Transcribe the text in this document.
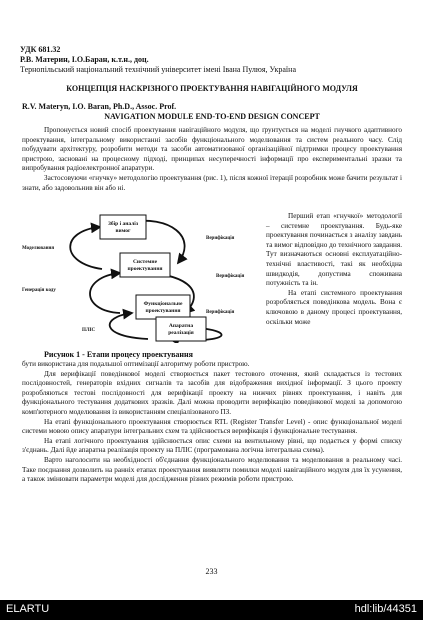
УДК 681.32
Р.В. Материн, І.О.Баран, к.т.н., доц.
Тернопільський національний технічний університет імені Івана Пулюя, Україна
КОНЦЕПЦІЯ НАСКРІЗНОГО ПРОЕКТУВАННЯ НАВІГАЦІЙНОГО МОДУЛЯ
R.V. Materyn, I.O. Baran, Ph.D., Assoc. Prof.
NAVIGATION MODULE END-TO-END DESIGN CONCEPT

Пропонується новий спосіб проектування навігаційного модуля, що ґрунтується на моделі гнучкого адаптивного проектування, інтегральному використанні засобів функціонального моделювання та систем реального часу. Слід побудувати архітектуру, розробити методи та засоби автоматизованої організаційної підтримки процесу проектування пристрою, засновані на процесному підході, принципах несуперечності інформації про експериментальні зразки та випробування радіоелектронної апаратури.

Застосовуючи «гнучку» методологію проектування (рис. 1), після кожної ітерації розробник може бачити результат і знати, або задовольнив він або ні.

Перший етап «гнучкої» методології – системне проектування. Будь-яке проектування починається з аналізу завдань та вимог відповідно до технічного завдання. Тут визначаються основні експлуатаційно-технічні властивості, такі як необхідна швидкодія, допустима споживана потужність та ін.

На етапі системного проектування розробляється поведінкова модель. Вона є ключовою в даному процесі проектування, оскільки може

Збір і аналіз
вимог
Системне
проектування
Функціональне
проектування
Апаратна
реалізація
Моделювання
Верифікація
Верифікація
Генерація коду
Верифікація
ПЛІС
Рисунок 1 - Етапи процесу проектування

бути використана для подальшої оптимізації алгоритму роботи пристрою.

Для верифікації поведінкової моделі створюється пакет тестового оточення, який складається із тестових послідовностей, генераторів вхідних сигналів та засобів для відображення вихідної інформації. З цього проекту розробляються тестові послідовності для верифікації проекту на нижчих рівнях проектування, і навіть для функціонального тестування додаткових зразків. Далі можна проводити верифікацію поведінкової моделі за допомогою комп'ютерного моделювання із використанням спеціалізованого ПЗ.

На етапі функціонального проектування створюється RTL (Register Transfer Level) - опис функціональної моделі системи мовою опису апаратури інтегральних схем та здійснюється верифікація і функціональне тестування.

На етапі логічного проектування здійснюється опис схеми на вентильному рівні, що подається у формі списку з'єднань. Далі йде апаратна реалізація проекту на ПЛІС (програмована логічна інтегральна схема).

Варто наголосити на необхідності об'єднання функціонального моделювання та моделювання в реальному часі. Таке поєднання дозволить на ранніх етапах проектування виявляти помилки моделі навігаційного модуля для їх усунення, а також змінювати параметри моделі для дослідження різних режимів роботи пристрою.

233
ELARTU	hdl:lib/44351
